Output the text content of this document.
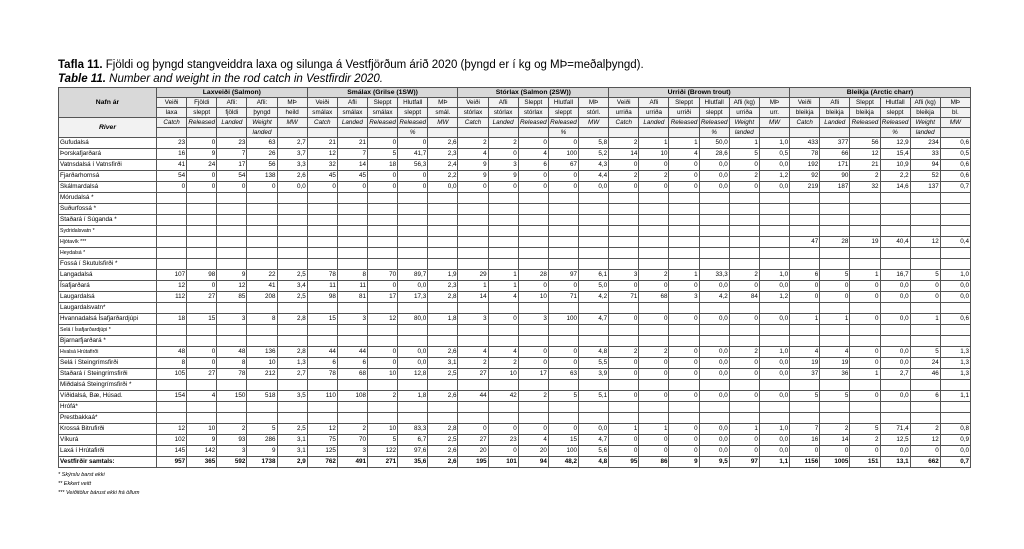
Tafla 11. Fjöldi og þyngd stangveiddra laxa og silunga á Vestfjörðum árið 2020 (þyngd er í kg og MÞ=meðalþyngd).
Table 11. Number and weight in the rod catch in Vestfirdir 2020.
Nafn ár	Laxveiði (Salmon)					Smálax (Grilse (1SW))					Stórlax (Salmon (2SW))					Urriði (Brown trout)						Bleikja (Arctic charr)					
	Veiði	Fjöldi	Afli:	Afli:	MÞ	Veiði	Afli	Sleppt	Hlutfall	MÞ	Veiði	Afli	Sleppt	Hlutfall	MÞ	Veiði	Afli	Sleppt	Hlutfall	Afli (kg)	MÞ	Veiði	Afli	Sleppt	Hlutfall	Afli (kg)	MÞ
	laxa	sleppt	fjöldi	þyngd	heild	smálax	smálax	smálax	sleppt	smál.	stórlax	stórlax	stórlax	sleppt	stórl.	urriða	urriða	urriði	sleppt	urriða	urr.	bleikja	bleikja	bleikja	sleppt	bleikja	bl.
River	Catch	Released	Landed	Weight	MW	Catch	Landed	Released	Released	MW	Catch	Landed	Released	Released	MW	Catch	Landed	Released	Released	Weight	MW	Catch	Landed	Released	Released	Weight	MW
				landed					%					%					%	landed					%	landed	
Gufudalsá	23	0	23	63	2,7	21	21	0	0	2,6	2	2	0	0	5,8	2	1	1	50,0	1	1,0	433	377	56	12,9	234	0,6
Þorskafjarðará	16	9	7	26	3,7	12	7	5	41,7	2,3	4	0	4	100	5,2	14	10	4	28,6	5	0,5	78	66	12	15,4	33	0,5
Vatnsdalsá í Vatnsfirði	41	24	17	56	3,3	32	14	18	56,3	2,4	9	3	6	67	4,3	0	0	0	0,0	0	0,0	192	171	21	10,9	94	0,6
Fjarðarhornsá	54	0	54	138	2,6	45	45	0	0	2,2	9	9	0	0	4,4	2	2	0	0,0	2	1,2	92	90	2	2,2	52	0,6
Skálmardalsá	0	0	0	0	0,0	0	0	0	0	0,0	0	0	0	0	0,0	0	0	0	0,0	0	0,0	219	187	32	14,6	137	0,7
Mórudalsá *																											
Suðurfossá *																											
Staðará í Súganda *																											
Sydridalsvatn *																											
Hjótavík ***																						47	28	19	40,4	12	0,4
Heydalsá *																											
Fossá í Skutulsfirði *																											
Langadalsá	107	98	9	22	2,5	78	8	70	89,7	1,9	29	1	28	97	6,1	3	2	1	33,3	2	1,0	6	5	1	16,7	5	1,0
Ísafjarðará	12	0	12	41	3,4	11	11	0	0,0	2,3	1	1	0	0	5,0	0	0	0	0,0	0	0,0	0	0	0	0,0	0	0,0
Laugardalsá	112	27	85	208	2,5	98	81	17	17,3	2,8	14	4	10	71	4,2	71	68	3	4,2	84	1,2	0	0	0	0,0	0	0,0
Laugardalsvatn*																											
Hvannadalsá Ísafjarðardjúpi	18	15	3	8	2,8	15	3	12	80,0	1,8	3	0	3	100	4,7	0	0	0	0,0	0	0,0	1	1	0	0,0	1	0,6
Selá í Ísafjarðardjúpi *																											
Bjarnarfjarðará *																											
Hvalsá Hrútafirði	48	0	48	136	2,8	44	44	0	0,0	2,6	4	4	0	0	4,8	2	2	0	0,0	2	1,0	4	4	0	0,0	5	1,3
Selá í Steingrímsfirði	8	0	8	10	1,3	6	6	0	0,0	3,1	2	2	0	0	5,5	0	0	0	0,0	0	0,0	19	19	0	0,0	24	1,3
Staðará í Steingrímsfirði	105	27	78	212	2,7	78	68	10	12,8	2,5	27	10	17	63	3,9	0	0	0	0,0	0	0,0	37	36	1	2,7	46	1,3
Miðdalsá Steingrímsfirði *																											
Víðidalsá, Bæ, Húsad.	154	4	150	518	3,5	110	108	2	1,8	2,6	44	42	2	5	5,1	0	0	0	0,0	0	0,0	5	5	0	0,0	6	1,1
Hrófá*																											
Prestbakkaá*																											
Krossá Bitrufirði	12	10	2	5	2,5	12	2	10	83,3	2,8	0	0	0	0	0,0	1	1	0	0,0	1	1,0	7	2	5	71,4	2	0,8
Víkurá	102	9	93	286	3,1	75	70	5	6,7	2,5	27	23	4	15	4,7	0	0	0	0,0	0	0,0	16	14	2	12,5	12	0,9
Laxá í Hrútafirði	145	142	3	9	3,1	125	3	122	97,6	2,6	20	0	20	100	5,6	0	0	0	0,0	0	0,0	0	0	0	0,0	0	0,0
Vestfirðir samtals:	957	365	592	1738	2,9	762	491	271	35,6	2,6	195	101	94	48,2	4,8	95	86	9	9,5	97	1,1	1156	1005	151	13,1	662	0,7
* Skýrslu barst ekki
** Ekkert veitt
*** Veiðitölur bárust ekki frá öllum
